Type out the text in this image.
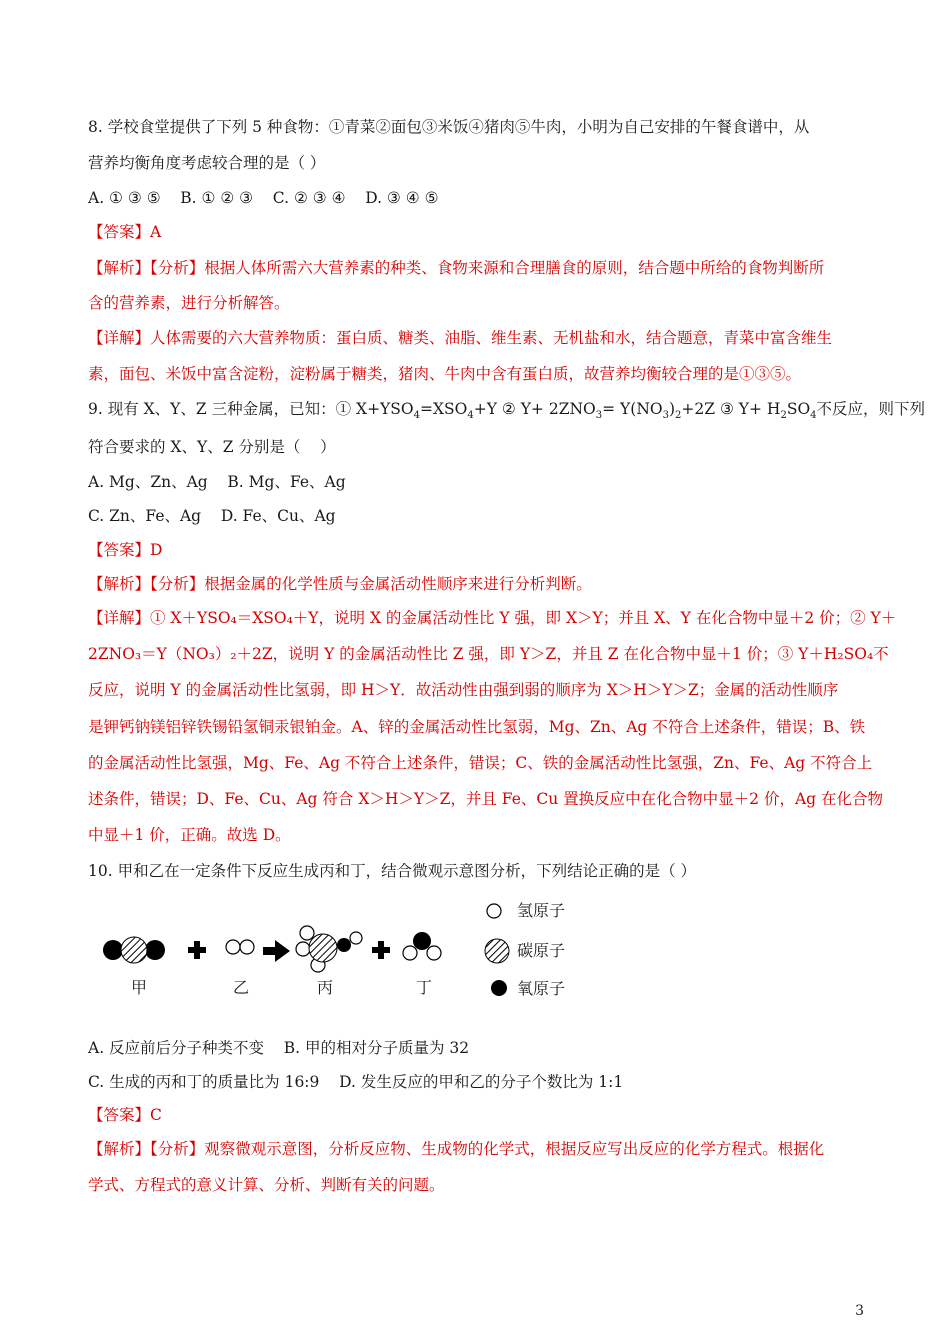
8. 学校食堂提供了下列 5 种食物：①青菜②面包③米饭④猪肉⑤牛肉，小明为自己安排的午餐食谱中，从
营养均衡角度考虑较合理的是（ ）
A. ① ③ ⑤    B. ① ② ③    C. ② ③ ④    D. ③ ④ ⑤
【答案】A
【解析】【分析】根据人体所需六大营养素的种类、食物来源和合理膳食的原则，结合题中所给的食物判断所
含的营养素，进行分析解答。
【详解】人体需要的六大营养物质：蛋白质、糖类、油脂、维生素、无机盐和水，结合题意，青菜中富含维生
素，面包、米饭中富含淀粉，淀粉属于糖类，猪肉、牛肉中含有蛋白质，故营养均衡较合理的是①③⑤。
9. 现有 X、Y、Z 三种金属，已知：① $X+YSO_4=XSO_4+Y$ ② $Y+ 2ZNO_3= Y(NO_3)_2+2Z$ ③ $Y+ H_2SO_4$不反应，则下列
符合要求的 X、Y、Z 分别是（    ）
A. Mg、Zn、Ag    B. Mg、Fe、Ag
C. Zn、Fe、Ag    D. Fe、Cu、Ag
【答案】D
【解析】【分析】根据金属的化学性质与金属活动性顺序来进行分析判断。
【详解】① X＋YSO₄＝XSO₄＋Y，说明 X 的金属活动性比 Y 强，即 X＞Y；并且 X、Y 在化合物中显＋2 价；② Y＋
2ZNO₃＝Y（NO₃）₂＋2Z，说明 Y 的金属活动性比 Z 强，即 Y＞Z，并且 Z 在化合物中显＋1 价；③ Y＋H₂SO₄不
反应，说明 Y 的金属活动性比氢弱，即 H＞Y．故活动性由强到弱的顺序为 X＞H＞Y＞Z；金属的活动性顺序
是钾钙钠镁铝锌铁锡铅氢铜汞银铂金。A、锌的金属活动性比氢弱，Mg、Zn、Ag 不符合上述条件，错误；B、铁
的金属活动性比氢强，Mg、Fe、Ag 不符合上述条件，错误；C、铁的金属活动性比氢强，Zn、Fe、Ag 不符合上
述条件，错误；D、Fe、Cu、Ag 符合 X＞H＞Y＞Z，并且 Fe、Cu 置换反应中在化合物中显＋2 价，Ag 在化合物
中显＋1 价，正确。故选 D。
10. 甲和乙在一定条件下反应生成丙和丁，结合微观示意图分析，下列结论正确的是（ ）
氢原子
碳原子
氧原子
甲	乙	丙	丁
A. 反应前后分子种类不变    B. 甲的相对分子质量为 32
C. 生成的丙和丁的质量比为 16:9    D. 发生反应的甲和乙的分子个数比为 1:1
【答案】C
【解析】【分析】观察微观示意图，分析反应物、生成物的化学式，根据反应写出反应的化学方程式。根据化
学式、方程式的意义计算、分析、判断有关的问题。
3
